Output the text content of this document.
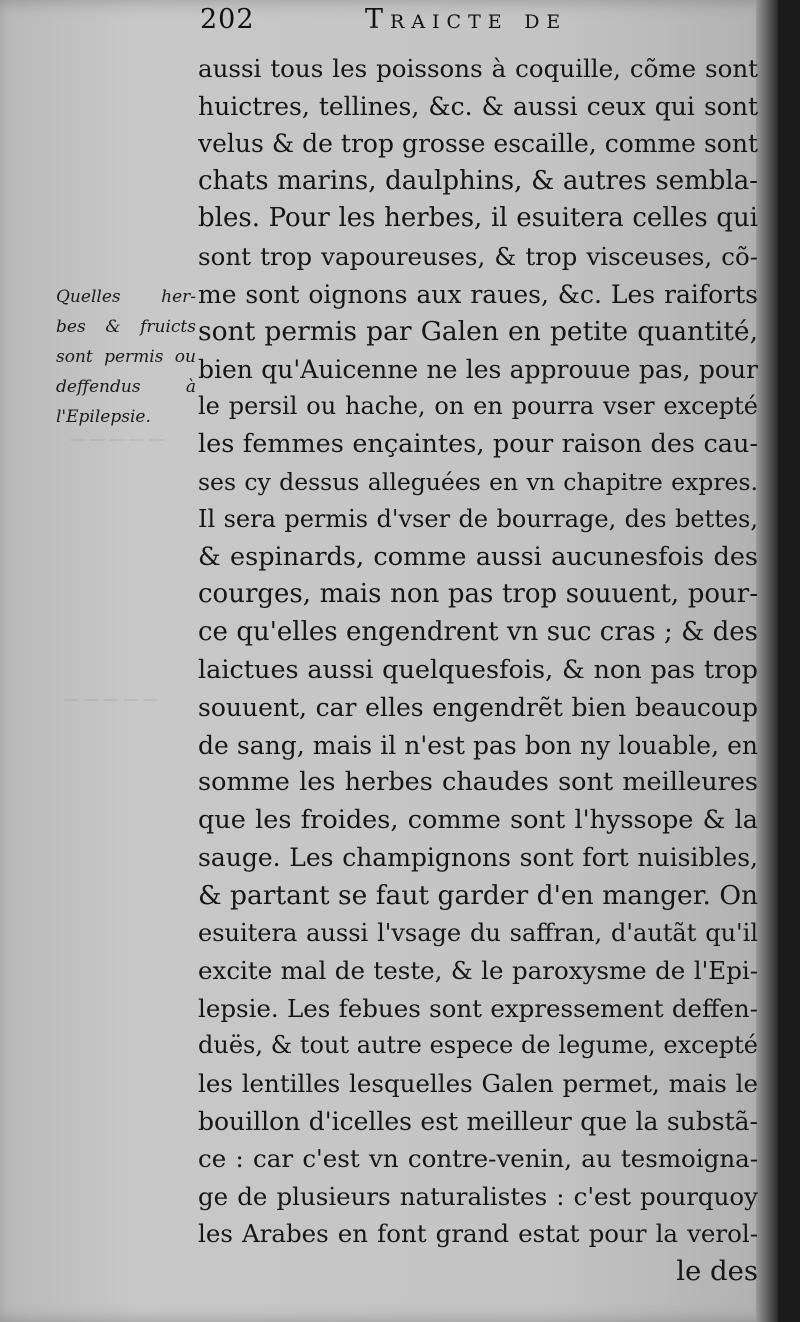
202	Traicte de
— — — — —
— — — — —
Quelles her-
bes & fruicts
sont permis ou
deffendus à
l'Epilepsie.
aussi tous les poissons à coquille, cõme sont
huictres, tellines, &c. & aussi ceux qui sont
velus & de trop grosse escaille, comme sont
chats marins, daulphins, & autres sembla-
bles. Pour les herbes, il esuitera celles qui
sont trop vapoureuses, & trop visceuses, cõ-
me sont oignons aux raues, &c. Les raiforts
sont permis par Galen en petite quantité,
bien qu'Auicenne ne les approuue pas, pour
le persil ou hache, on en pourra vser excepté
les femmes ençaintes, pour raison des cau-
ses cy dessus alleguées en vn chapitre expres.
Il sera permis d'vser de bourrage, des bettes,
& espinards, comme aussi aucunesfois des
courges, mais non pas trop souuent, pour-
ce qu'elles engendrent vn suc cras ; & des
laictues aussi quelquesfois, & non pas trop
souuent, car elles engendrẽt bien beaucoup
de sang, mais il n'est pas bon ny louable, en
somme les herbes chaudes sont meilleures
que les froides, comme sont l'hyssope & la
sauge. Les champignons sont fort nuisibles,
& partant se faut garder d'en manger. On
esuitera aussi l'vsage du saffran, d'autãt qu'il
excite mal de teste, & le paroxysme de l'Epi-
lepsie. Les febues sont expressement deffen-
duës, & tout autre espece de legume, excepté
les lentilles lesquelles Galen permet, mais le
bouillon d'icelles est meilleur que la substã-
ce : car c'est vn contre-venin, au tesmoigna-
ge de plusieurs naturalistes : c'est pourquoy
les Arabes en font grand estat pour la verol-
le des
